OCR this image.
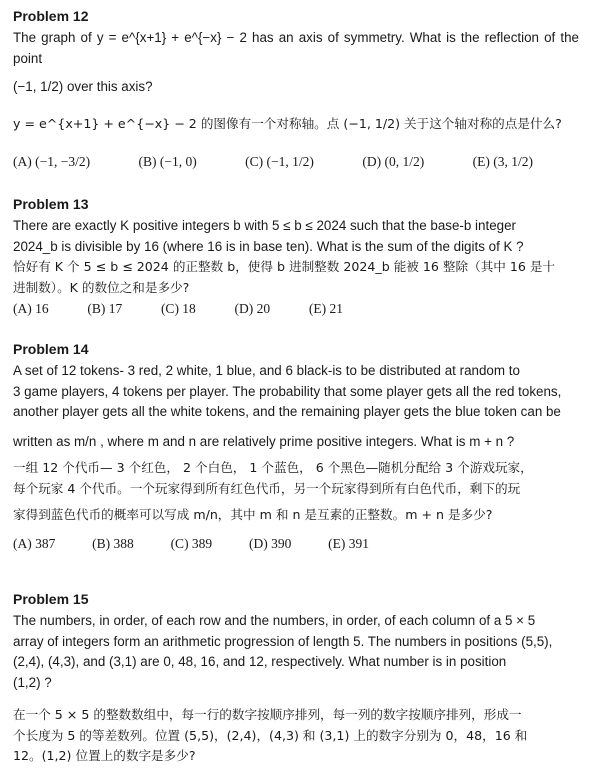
Problem 12

The graph of y = e^{x+1} + e^{−x} − 2 has an axis of symmetry. What is the reflection of the point

(−1, 1/2) over this axis?

y = e^{x+1} + e^{−x} − 2 的图像有一个对称轴。点 (−1, 1/2) 关于这个轴对称的点是什么?

(A) (−1, −3/2)	(B) (−1, 0)	(C) (−1, 1/2)	(D) (0, 1/2)	(E) (3, 1/2)

Problem 13

There are exactly K positive integers b with 5 ≤ b ≤ 2024 such that the base-b integer

2024_b is divisible by 16 (where 16 is in base ten). What is the sum of the digits of K ?

恰好有 K 个 5 ≤ b ≤ 2024 的正整数 b，使得 b 进制整数 2024_b 能被 16 整除（其中 16 是十

进制数）。K 的数位之和是多少?

(A) 16	(B) 17	(C) 18	(D) 20	(E) 21

Problem 14

A set of 12 tokens- 3 red, 2 white, 1 blue, and 6 black-is to be distributed at random to

3 game players, 4 tokens per player. The probability that some player gets all the red tokens,

another player gets all the white tokens, and the remaining player gets the blue token can be

written as m/n , where m and n are relatively prime positive integers. What is m + n ?

一组 12 个代币— 3 个红色， 2 个白色， 1 个蓝色， 6 个黑色—随机分配给 3 个游戏玩家，

每个玩家 4 个代币。一个玩家得到所有红色代币，另一个玩家得到所有白色代币，剩下的玩

家得到蓝色代币的概率可以写成 m/n，其中 m 和 n 是互素的正整数。m + n 是多少?

(A) 387	(B) 388	(C) 389	(D) 390	(E) 391

Problem 15

The numbers, in order, of each row and the numbers, in order, of each column of a 5 × 5

array of integers form an arithmetic progression of length 5. The numbers in positions (5,5),

(2,4), (4,3), and (3,1) are 0, 48, 16, and 12, respectively. What number is in position

(1,2) ?

在一个 5 × 5 的整数数组中，每一行的数字按顺序排列，每一列的数字按顺序排列，形成一

个长度为 5 的等差数列。位置 (5,5)，(2,4)，(4,3) 和 (3,1) 上的数字分别为 0，48，16 和

12。(1,2) 位置上的数字是多少?
